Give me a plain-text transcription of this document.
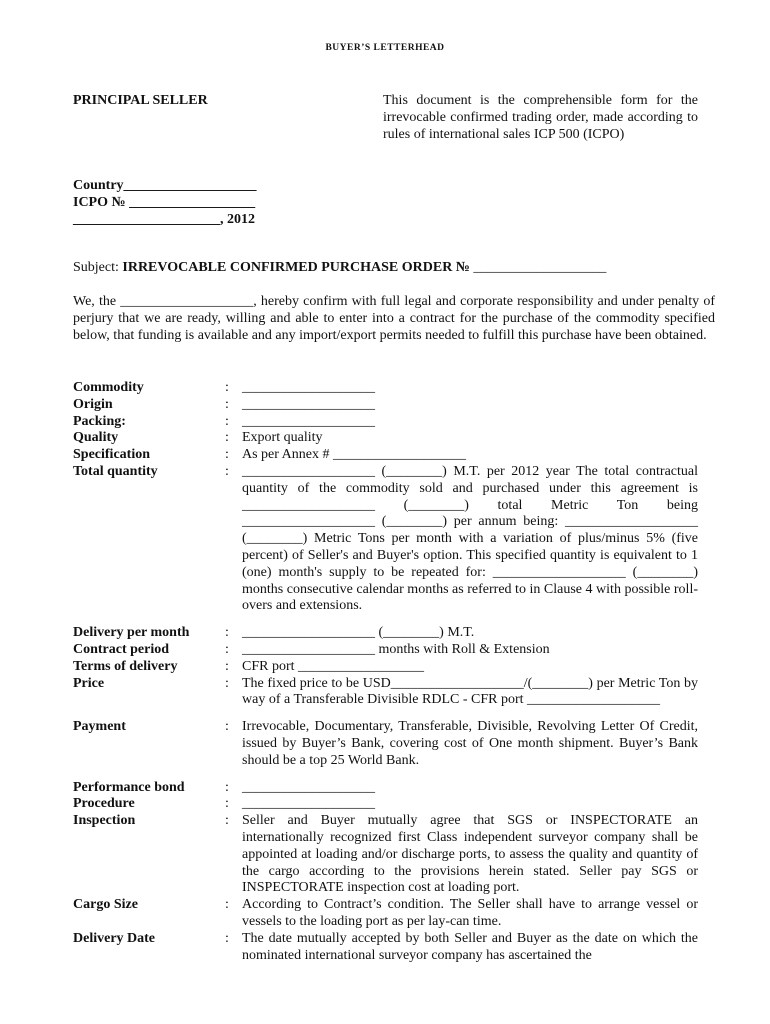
BUYER’S LETTERHEAD
PRINCIPAL SELLER	This document is the comprehensible form for the irrevocable confirmed trading order, made according to rules of international sales ICP 500 (ICPO)
Country___________________
ICPO № __________________
_____________________, 2012
Subject: IRREVOCABLE CONFIRMED PURCHASE ORDER № ___________________
We, the ___________________, hereby confirm with full legal and corporate responsibility and under penalty of perjury that we are ready, willing and able to enter into a contract for the purchase of the commodity specified below, that funding is available and any import/export permits needed to fulfill this purchase have been obtained.
Commodity	: ___________________
Origin	: ___________________
Packing:	: ___________________
Quality	: Export quality
Specification	: As per Annex # ___________________
Total quantity	: ___________________ (________) M.T. per 2012 year The total contractual quantity of the commodity sold and purchased under this agreement is ___________________ (________) total Metric Ton being ___________________ (________) per annum being: ___________________ (________) Metric Tons per month with a variation of plus/minus 5% (five percent) of Seller's and Buyer's option. This specified quantity is equivalent to 1 (one) month's supply to be repeated for: ___________________ (________) months consecutive calendar months as referred to in Clause 4 with possible roll-overs and extensions.
Delivery per month	: ___________________ (________) M.T.
Contract period	: ___________________ months with Roll & Extension
Terms of delivery	: CFR port __________________
Price	: The fixed price to be USD___________________/(________) per Metric Ton by way of a Transferable Divisible RDLC - CFR port ___________________
Payment	: Irrevocable, Documentary, Transferable, Divisible, Revolving Letter Of Credit, issued by Buyer’s Bank, covering cost of One month shipment. Buyer’s Bank should be a top 25 World Bank.
Performance bond	: ___________________
Procedure	: ___________________
Inspection	: Seller and Buyer mutually agree that SGS or INSPECTORATE an internationally recognized first Class independent surveyor company shall be appointed at loading and/or discharge ports, to assess the quality and quantity of the cargo according to the provisions herein stated. Seller pay SGS or INSPECTORATE inspection cost at loading port.
Cargo Size	: According to Contract’s condition. The Seller shall have to arrange vessel or vessels to the loading port as per lay-can time.
Delivery Date	: The date mutually accepted by both Seller and Buyer as the date on which the nominated international surveyor company has ascertained the
